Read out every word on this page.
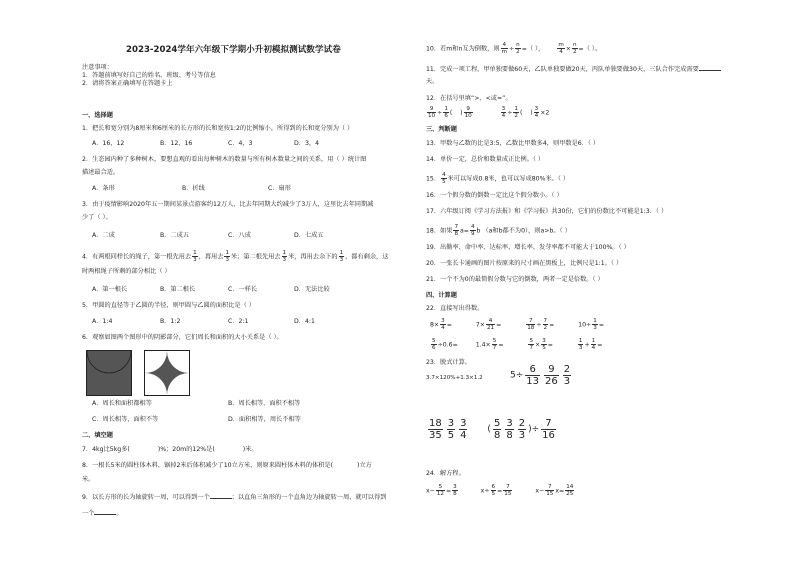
2023-2024学年六年级下学期小升初模拟测试数学试卷
注意事项：
1．答题前填写好自己的姓名、班级、考号等信息
2．请将答案正确填写在答题卡上
一、选择题
1．把长和宽分别为8厘米和6厘米的长方形的长和宽按1:2的比例缩小，所得到的长和宽分别为（ ）
A．16，12	B．12，16	C．4，3	D．3，4
2．生态园内种了多种树木，要想直观的看出每种树木的数量与所有树木数量之间的关系，用（ ）统计图
描述最合适。
A．条形	B．折线	C．扇形
3．由于疫情影响2020年五一期间某景点游客约12万人，比去年同期大约减少了3万人，这里比去年同期减
少了（ ）。
A．二成	B．二成五	C．八成	D．七成五
4．有两根同样长的绳子，第一根先用去 $\frac{1}{3}$ ，再用去 $\frac{1}{3}$ 米；第二根先用去 $\frac{1}{3}$ 米，再用去余下的 $\frac{1}{3}$ ，都有剩余，这
时两根绳子所剩的部分相比（ ）
A．第一根长	B．第二根长	C．一样长	D．无法比较
5．甲圆的直径等于乙圆的半径，则甲圆与乙圆的面积比是（ ）
A．1:4	B．1:2	C．2:1	D．4:1
6．观察如图两个图形中的阴影部分，它们周长和面积的大小关系是（ ）。
A．周长和面积都相等	B．周长相等，面积不相等
C．周长相等，面积不等	D．面积相等，周长不相等
二、填空题
7．4kg比5kg多(	)%；20m的12%是(	)米。
8．一根长5米的圆柱体木料，锯掉2米后体积减少了10立方米，则原来圆柱体木料的体积是(	)立方
米。
9．以长方形的长为轴旋转一周，可以得到一个	；以直角三角形的一个直角边为轴旋转一周，就可以得到
一个	。
10．若m和n互为倒数，则 $\frac{4}{m} \div \frac{n}{2}$ =（ ）， $\frac{m}{4} \times \frac{n}{2}$ =（ ）。
11．完成一项工程，甲单独要做60天，乙队单独要做20天，丙队单独要做30天，三队合作完成需要
天。
12．在括号里填“>、<或=”。
$\frac{9}{10} \div \frac{1}{6}$ (    ) $\frac{9}{10}$
	$\frac{3}{4} \div \frac{1}{2}$ (    ) $\frac{3}{4} \times 2$
三、判断题
13．甲数与乙数的比是3:5，乙数比甲数多4，则甲数是6．（ ）
14．单价一定，总价和数量成正比例。（ ）
15． $\frac{4}{5}$ 米可以写成0.8米，也可以写成80%米。（ ）
16．一个假分数的倒数一定比这个假分数小。（ ）
17．六年级订阅《学习方法报》和《学习报》共30份，它们的份数比不可能是1:3．（ ）
18．如果 $\frac{7}{8} a= \frac{4}{9}$ b （a和b都不为0），则a>b。（ ）
19．出勤率、命中率、达标率、增长率、发芽率都不可能大于100%。（ ）
20．一张长卡通画的图片按原来的尺寸画在黑板上，比例尺是1:1。（ ）
21．一个不为0的最简假分数与它的倒数，两者一定是倍数。（ ）
四、计算题
22．直接写出得数。
$8\times \frac{3}{4}$ =	$7\times \frac{4}{21}$ =	$\frac{7}{18} \div \frac{7}{2}$ =	$10\div \frac{1}{3}$ =
$\frac{5}{6} \div 0.6= 1.4\times \frac{5}{7}$ =	$\frac{5}{7} \times \frac{3}{5}$ =	$\frac{1}{3} + \frac{1}{4}$ =
23．脱式计算。
3.7×120%+1.3×1.2	$5\div \frac{6}{13} \frac{9}{26} \frac{2}{3}$
$\frac{18}{35} \frac{3}{5} \frac{3}{4}$ ( $\frac{5}{8} \frac{3}{8} \frac{2}{3}$ )÷ $\frac{7}{16}$
24．解方程。
$x- \frac{5}{12} = \frac{3}{8}$	$x\div \frac{6}{5} = \frac{7}{15}$	$x- \frac{7}{15} x= \frac{14}{25}$
